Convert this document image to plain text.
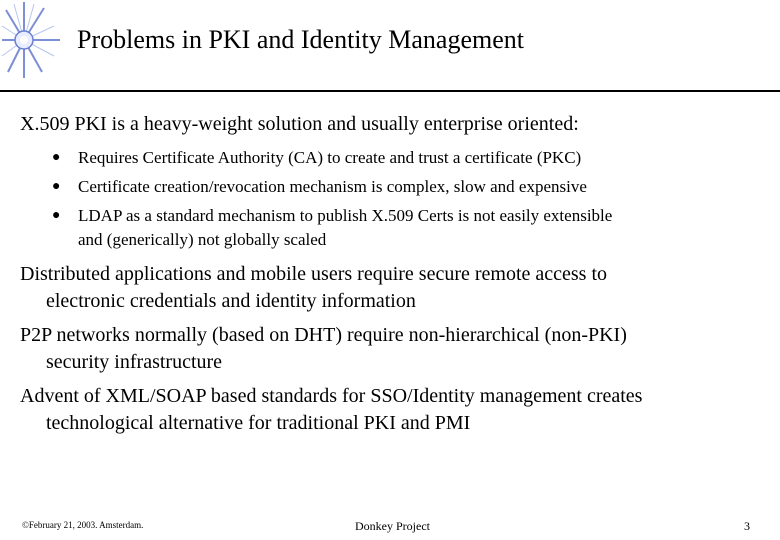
Problems in PKI and Identity Management
X.509 PKI is a heavy-weight solution and usually enterprise oriented:
●	Requires Certificate Authority (CA) to create and trust a certificate (PKC)
●	Certificate creation/revocation mechanism is complex, slow and expensive
●	LDAP as a standard mechanism to publish X.509 Certs is not easily extensible
and (generically) not globally scaled
Distributed applications and mobile users require secure remote access to
electronic credentials and identity information
P2P networks normally (based on DHT) require non-hierarchical (non-PKI)
security infrastructure
Advent of XML/SOAP based standards for SSO/Identity management creates
technological alternative for traditional PKI and PMI
©February 21, 2003. Amsterdam.	Donkey Project	3
